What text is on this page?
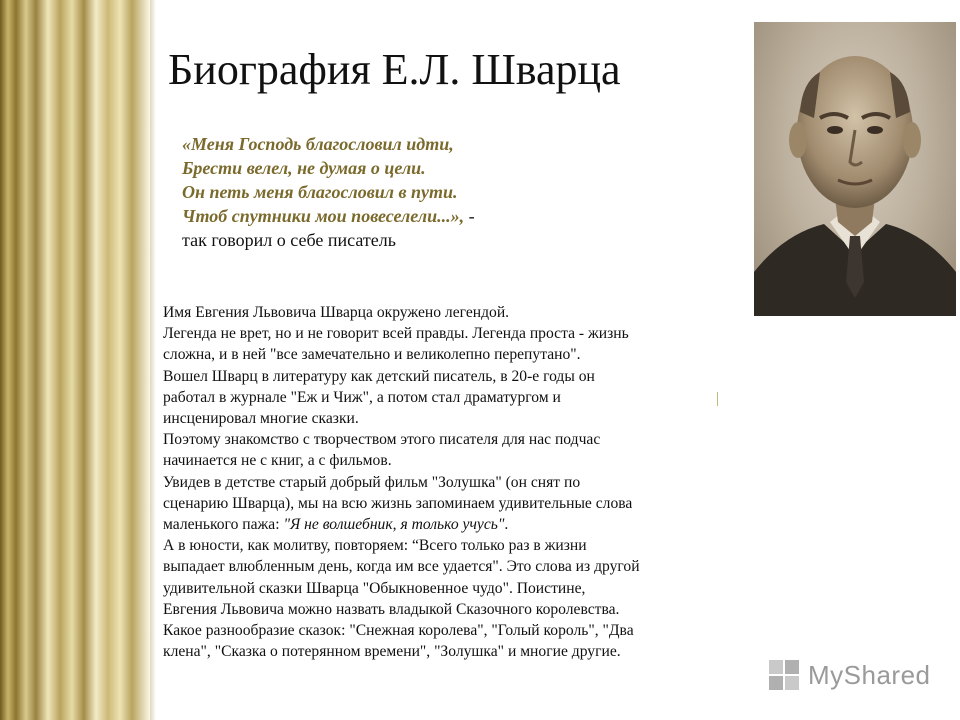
Биография Е.Л. Шварца
«Меня Господь благословил идти,
Брести велел, не думая о цели.
Он петь меня благословил в пути.
Чтоб спутники мои повеселели...», -
так говорил о себе писатель
Имя Евгения Львовича Шварца окружено легендой.
Легенда не врет, но и не говорит всей правды. Легенда проста - жизнь
сложна, и в ней "все замечательно и великолепно перепутано".
Вошел Шварц в литературу как детский писатель, в 20-е годы он
работал в журнале "Еж и Чиж", а потом стал драматургом и
инсценировал многие сказки.
Поэтому знакомство с творчеством этого писателя для нас подчас
начинается не с книг, а с фильмов.
Увидев в детстве старый добрый фильм "Золушка" (он снят по
сценарию Шварца), мы на всю жизнь запоминаем удивительные слова
маленького пажа: "Я не волшебник, я только учусь".
А в юности, как молитву, повторяем: “Всего только раз в жизни
выпадает влюбленным день, когда им все удается". Это слова из другой
удивительной сказки Шварца "Обыкновенное чудо". Поистине,
Евгения Львовича можно назвать владыкой Сказочного королевства.
Какое разнообразие сказок: "Снежная королева", "Голый король", "Два
клена", "Сказка о потерянном времени", "Золушка" и многие другие.
MyShared
